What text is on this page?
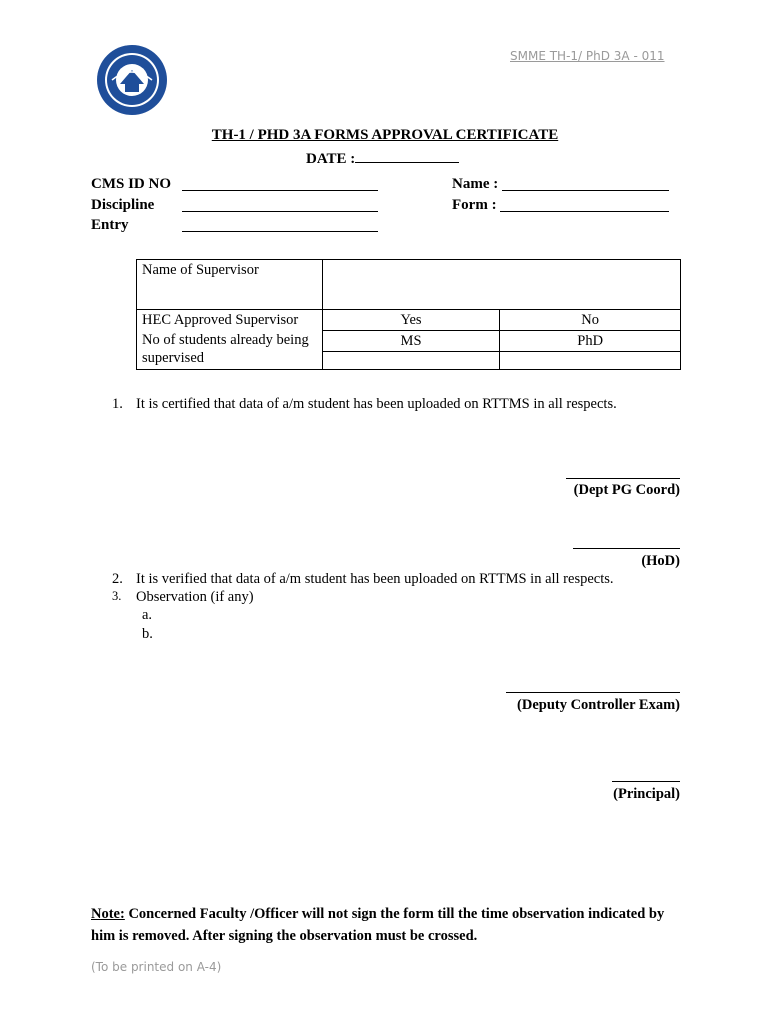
SMME TH-1/ PhD 3A - 011
TH-1 / PHD 3A FORMS APPROVAL CERTIFICATE
DATE :
CMS ID NO
Discipline
Entry
Name :
Form :
Name of Supervisor		
HEC Approved Supervisor	Yes	No
No of students already being supervised	MS	PhD

1. It is certified that data of a/m student has been uploaded on RTTMS in all respects.
(Dept PG Coord)
(HoD)
2. It is verified that data of a/m student has been uploaded on RTTMS in all respects.
3. Observation (if any)
a.
b.
(Deputy Controller Exam)
(Principal)
Note: Concerned Faculty /Officer will not sign the form till the time observation indicated by him is removed. After signing the observation must be crossed.
(To be printed on A-4)
